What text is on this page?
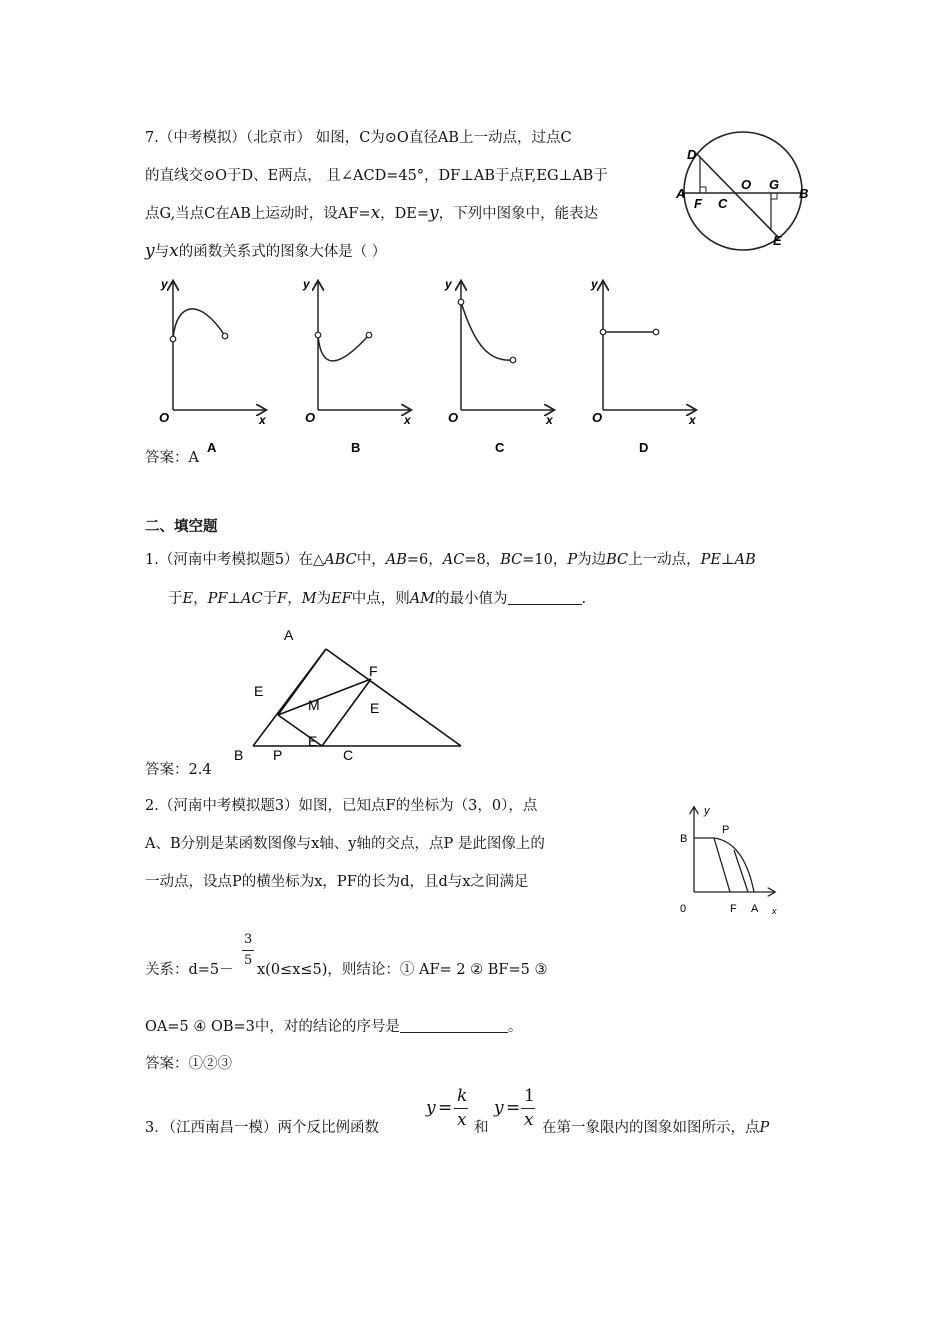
7.（中考模拟）（北京市） 如图，C为⊙O直径AB上一动点，过点C
的直线交⊙O于D、E两点， 且∠ACD=45°，DF⊥AB于点F,EG⊥AB于
点G,当点C在AB上运动时，设AF=x，DE=y，下列中图象中，能表达
y与x的函数关系式的图象大体是（ ）
D
A
F C
O G
B
E
y
x
O
A
y
x
O
B
y
x
O
C
y
x
O
D
答案：A
二、填空题
1.（河南中考模拟题5）在△ABC中，AB=6，AC=8，BC=10，P为边BC上一动点，PE⊥AB
于E，PF⊥AC于F，M为EF中点，则AM的最小值为	.
A
E
F
M	E
E
B P	C
答案：2.4
2.（河南中考模拟题3）如图，已知点F的坐标为（3，0），点
A、B分别是某函数图像与x轴、y轴的交点，点P 是此图像上的
一动点，设点P的横坐标为x，PF的长为d，且d与x之间满足
3
关系：d=5－
5
x(0≤x≤5)，则结论：① AF= 2 ② BF=5 ③
OA=5 ④ OB=3中，对的结论的序号是	。
答案：①②③
y
B
P
0	F A x
3．（江西南昌一模）两个反比例函数
y =
k
x 和
y =
1
x 在第一象限内的图象如图所示，点P
